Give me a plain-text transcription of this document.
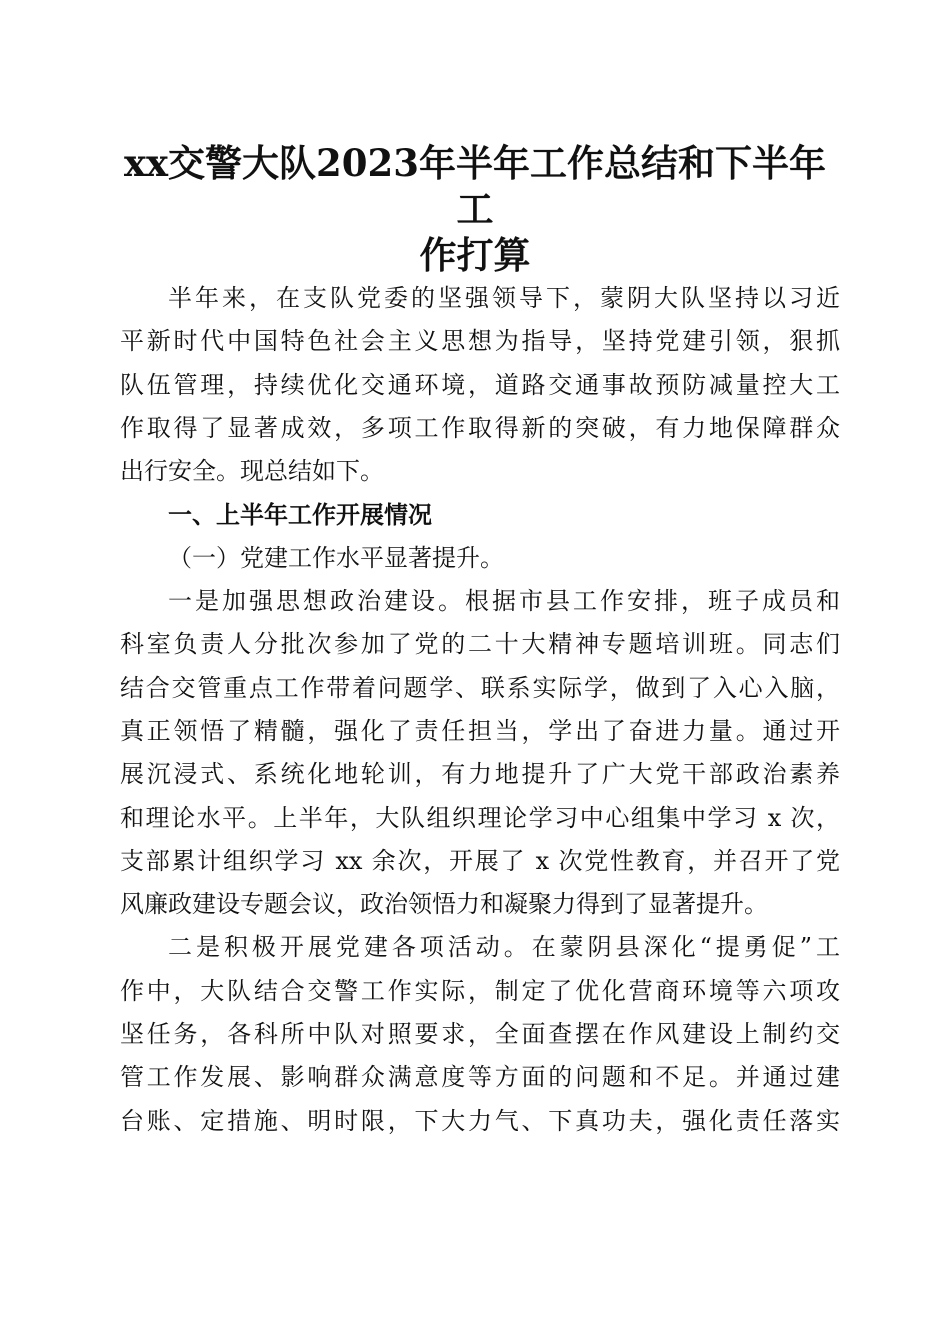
xx交警大队2023年半年工作总结和下半年工
作打算
半年来，在支队党委的坚强领导下，蒙阴大队坚持以习近
平新时代中国特色社会主义思想为指导，坚持党建引领，狠抓
队伍管理，持续优化交通环境，道路交通事故预防减量控大工
作取得了显著成效，多项工作取得新的突破，有力地保障群众
出行安全。现总结如下。
一、上半年工作开展情况
（一）党建工作水平显著提升。
一是加强思想政治建设。根据市县工作安排，班子成员和
科室负责人分批次参加了党的二十大精神专题培训班。同志们
结合交管重点工作带着问题学、联系实际学，做到了入心入脑，
真正领悟了精髓，强化了责任担当，学出了奋进力量。通过开
展沉浸式、系统化地轮训，有力地提升了广大党干部政治素养
和理论水平。上半年，大队组织理论学习中心组集中学习 x 次，
支部累计组织学习 xx 余次，开展了 x 次党性教育，并召开了党
风廉政建设专题会议，政治领悟力和凝聚力得到了显著提升。
二是积极开展党建各项活动。在蒙阴县深化“提勇促”工
作中，大队结合交警工作实际，制定了优化营商环境等六项攻
坚任务，各科所中队对照要求，全面查摆在作风建设上制约交
管工作发展、影响群众满意度等方面的问题和不足。并通过建
台账、定措施、明时限，下大力气、下真功夫，强化责任落实
